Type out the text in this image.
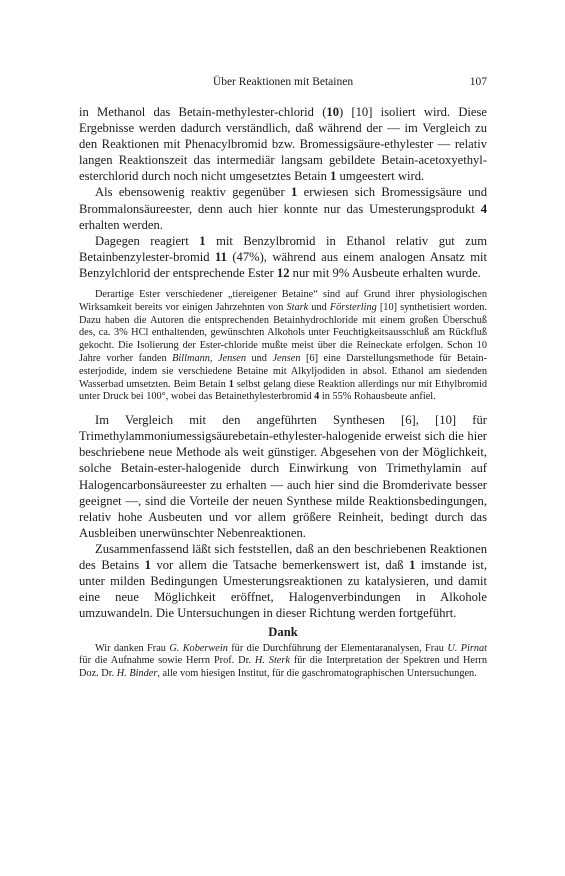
Über Reaktionen mit Betainen	107

in Methanol das Betain-methylester-chlorid (10) [10] isoliert wird. Diese Ergebnisse werden dadurch verständlich, daß während der — im Vergleich zu den Reaktionen mit Phenacylbromid bzw. Bromessigsäure-ethylester — relativ langen Reaktionszeit das intermediär langsam gebildete Betain-acetoxyethyl-esterchlorid durch noch nicht umgesetztes Betain 1 umgeestert wird.

Als ebensowenig reaktiv gegenüber 1 erwiesen sich Bromessigsäure und Brommalonsäureester, denn auch hier konnte nur das Umesterungsprodukt 4 erhalten werden.

Dagegen reagiert 1 mit Benzylbromid in Ethanol relativ gut zum Betainbenzylester-bromid 11 (47%), während aus einem analogen Ansatz mit Benzylchlorid der entsprechende Ester 12 nur mit 9% Ausbeute erhalten wurde.

Derartige Ester verschiedener „tiereigener Betaine“ sind auf Grund ihrer physiologischen Wirksamkeit bereits vor einigen Jahrzehnten von Stark und Försterling [10] synthetisiert worden. Dazu haben die Autoren die entsprechenden Betainhydrochloride mit einem großen Überschuß des, ca. 3% HCl enthaltenden, gewünschten Alkohols unter Feuchtigkeitsausschluß am Rückfluß gekocht. Die Isolierung der Ester-chloride mußte meist über die Reineckate erfolgen. Schon 10 Jahre vorher fanden Billmann, Jensen und Jensen [6] eine Darstellungsmethode für Betain-esterjodide, indem sie verschiedene Betaine mit Alkyljodiden in absol. Ethanol am siedenden Wasserbad umsetzten. Beim Betain 1 selbst gelang diese Reaktion allerdings nur mit Ethylbromid unter Druck bei 100°, wobei das Betainethylesterbromid 4 in 55% Rohausbeute anfiel.

Im Vergleich mit den angeführten Synthesen [6], [10] für Trimethylammoniumessigsäurebetain-ethylester-halogenide erweist sich die hier beschriebene neue Methode als weit günstiger. Abgesehen von der Möglichkeit, solche Betain-ester-halogenide durch Einwirkung von Trimethylamin auf Halogencarbonsäureester zu erhalten — auch hier sind die Bromderivate besser geeignet —, sind die Vorteile der neuen Synthese milde Reaktionsbedingungen, relativ hohe Ausbeuten und vor allem größere Reinheit, bedingt durch das Ausbleiben unerwünschter Nebenreaktionen.

Zusammenfassend läßt sich feststellen, daß an den beschriebenen Reaktionen des Betains 1 vor allem die Tatsache bemerkenswert ist, daß 1 imstande ist, unter milden Bedingungen Umesterungsreaktionen zu katalysieren, und damit eine neue Möglichkeit eröffnet, Halogenverbindungen in Alkohole umzuwandeln. Die Untersuchungen in dieser Richtung werden fortgeführt.

Dank

Wir danken Frau G. Koberwein für die Durchführung der Elementaranalysen, Frau U. Pirnat für die Aufnahme sowie Herrn Prof. Dr. H. Sterk für die Interpretation der Spektren und Herrn Doz. Dr. H. Binder, alle vom hiesigen Institut, für die gaschromatographischen Untersuchungen.
